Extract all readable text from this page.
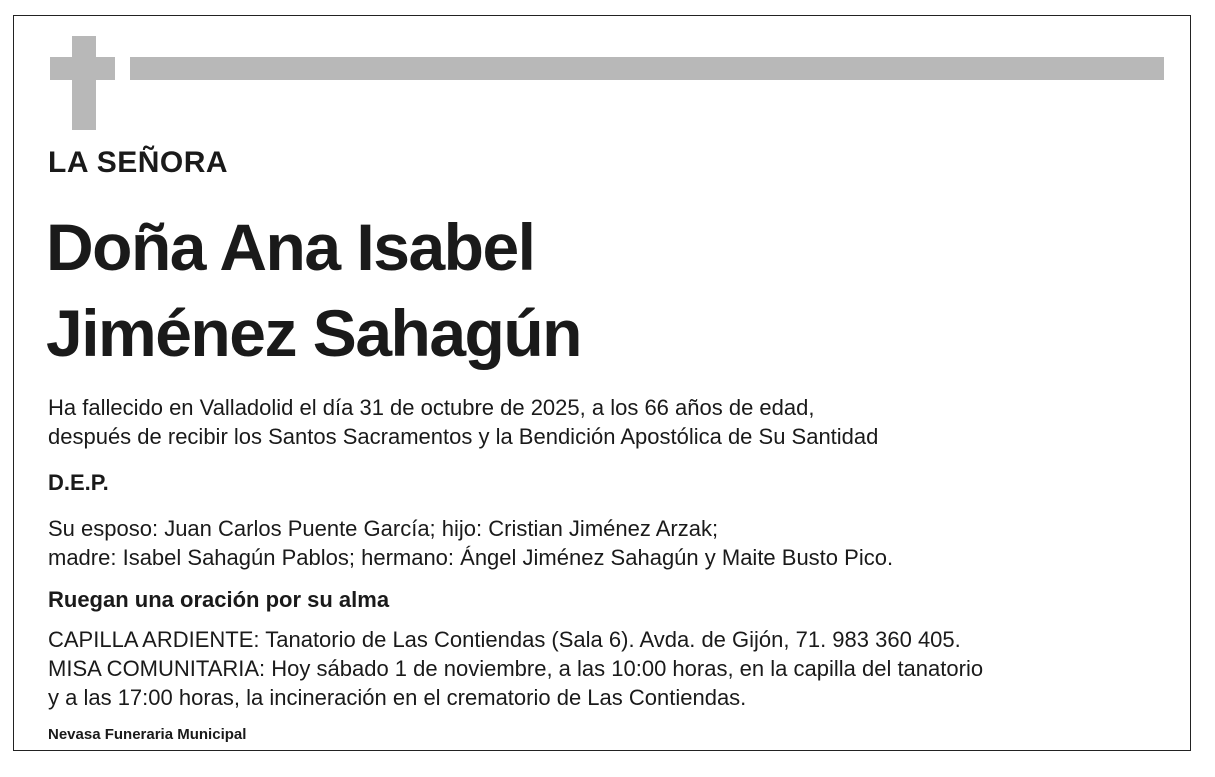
LA SEÑORA

Doña Ana Isabel
Jiménez Sahagún

Ha fallecido en Valladolid el día 31 de octubre de 2025, a los 66 años de edad,
después de recibir los Santos Sacramentos y la Bendición Apostólica de Su Santidad

D.E.P.

Su esposo: Juan Carlos Puente García; hijo: Cristian Jiménez Arzak;
madre: Isabel Sahagún Pablos; hermano: Ángel Jiménez Sahagún y Maite Busto Pico.

Ruegan una oración por su alma

CAPILLA ARDIENTE: Tanatorio de Las Contiendas (Sala 6). Avda. de Gijón, 71. 983 360 405.
MISA COMUNITARIA: Hoy sábado 1 de noviembre, a las 10:00 horas, en la capilla del tanatorio
y a las 17:00 horas, la incineración en el crematorio de Las Contiendas.

Nevasa Funeraria Municipal
